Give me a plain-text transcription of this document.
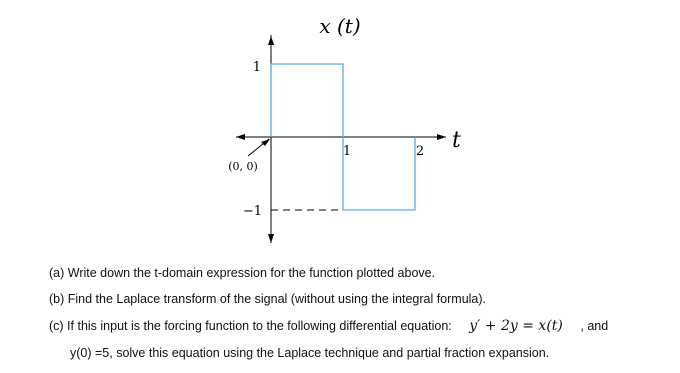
x (t)
1
−1
1	2 t
(0, 0)
(a) Write down the t-domain expression for the function plotted above.
(b) Find the Laplace transform of the signal (without using the integral formula).
(c) If this input is the forcing function to the following differential equation: y′ + 2y = x(t) , and
y(0) =5, solve this equation using the Laplace technique and partial fraction expansion.
